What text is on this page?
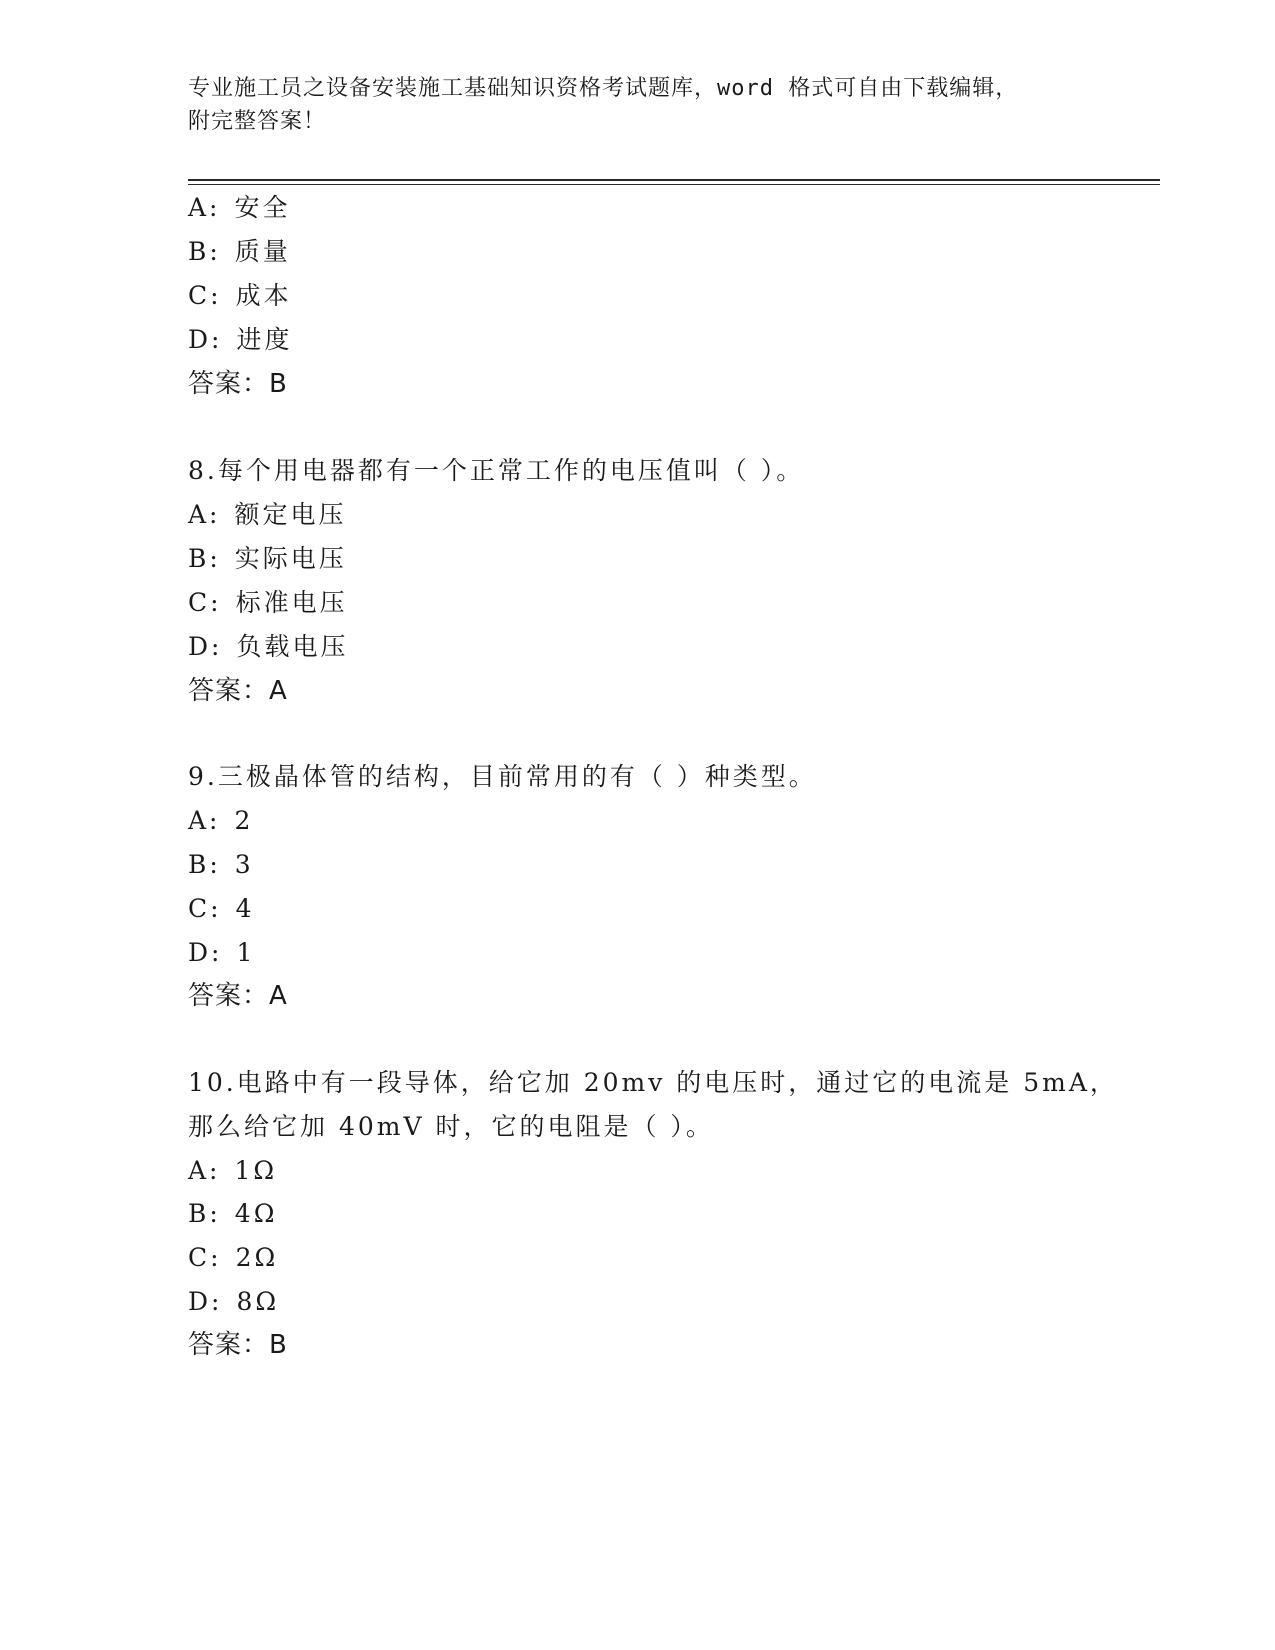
专业施工员之设备安装施工基础知识资格考试题库，word 格式可自由下载编辑，
附完整答案！
A: 安全
B: 质量
C: 成本
D: 进度
答案：B
8.每个用电器都有一个正常工作的电压值叫（ ）。
A: 额定电压
B: 实际电压
C: 标准电压
D: 负载电压
答案：A
9.三极晶体管的结构，目前常用的有（ ）种类型。
A: 2
B: 3
C: 4
D: 1
答案：A
10.电路中有一段导体，给它加 20mv 的电压时，通过它的电流是 5mA，
那么给它加 40mV 时，它的电阻是（ ）。
A: 1Ω
B: 4Ω
C: 2Ω
D: 8Ω
答案：B
